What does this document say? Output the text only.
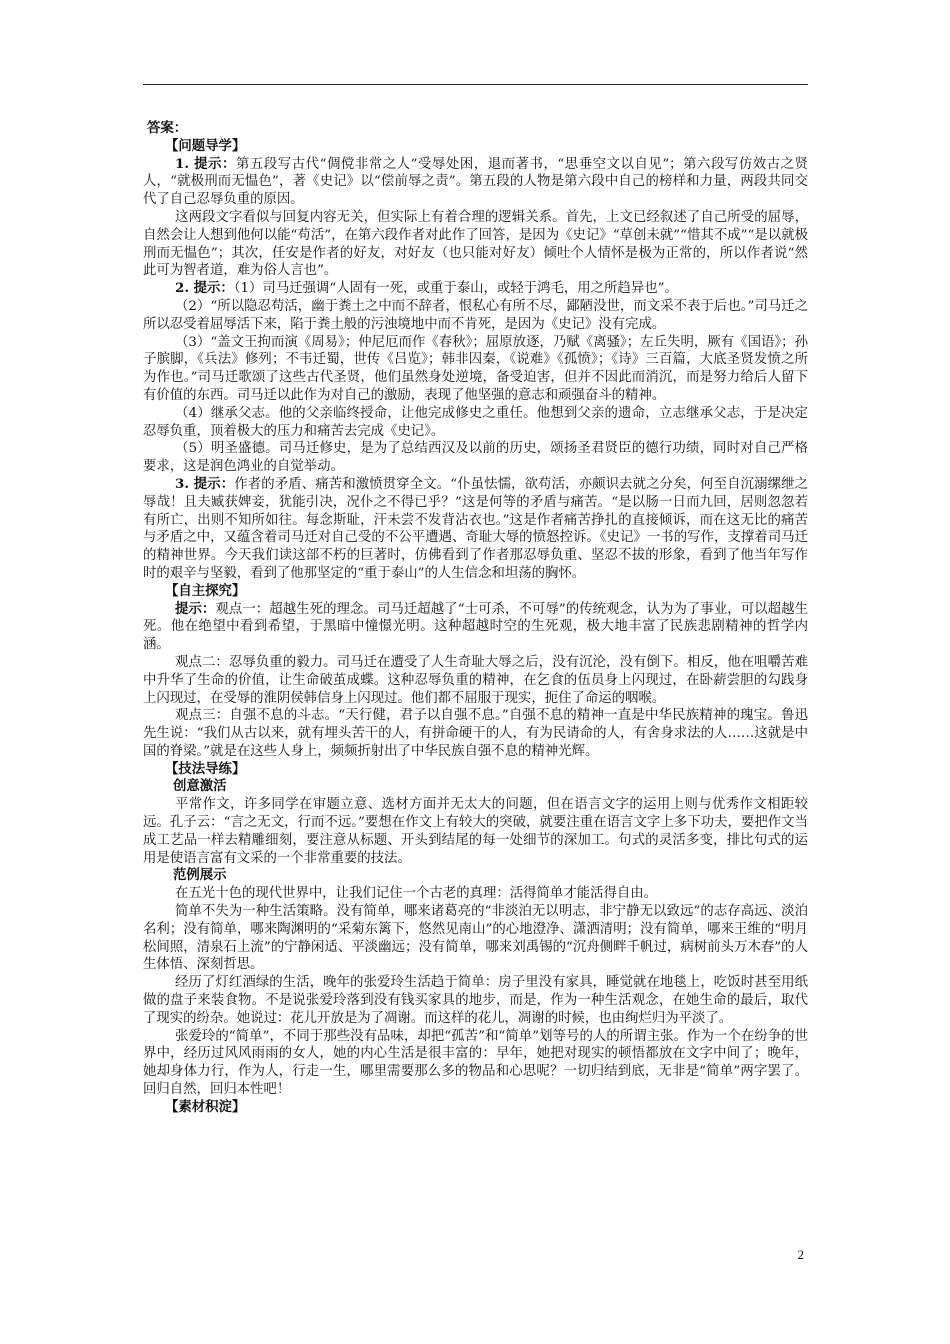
答案：

【问题导学】

1. 提示：第五段写古代“倜傥非常之人”受辱处困，退而著书，“思垂空文以自见”；第六段写仿效古之贤人，“就极刑而无愠色”，著《史记》以“偿前辱之责”。第五段的人物是第六段中自己的榜样和力量，两段共同交代了自己忍辱负重的原因。

这两段文字看似与回复内容无关，但实际上有着合理的逻辑关系。首先，上文已经叙述了自己所受的屈辱，自然会让人想到他何以能“苟活”，在第六段作者对此作了回答，是因为《史记》“草创未就”“惜其不成”“是以就极刑而无愠色”；其次，任安是作者的好友，对好友（也只能对好友）倾吐个人情怀是极为正常的，所以作者说“然此可为智者道，难为俗人言也”。

2. 提示：（1）司马迁强调“人固有一死，或重于泰山，或轻于鸿毛，用之所趋异也”。

（2）“所以隐忍苟活，幽于粪土之中而不辞者，恨私心有所不尽，鄙陋没世，而文采不表于后也。”司马迁之所以忍受着屈辱活下来，陷于粪土般的污浊境地中而不肯死，是因为《史记》没有完成。

（3）“盖文王拘而演《周易》；仲尼厄而作《春秋》；屈原放逐，乃赋《离骚》；左丘失明，厥有《国语》；孙子膑脚，《兵法》修列；不韦迁蜀，世传《吕览》；韩非囚秦，《说难》《孤愤》；《诗》三百篇，大底圣贤发愤之所为作也。”司马迁歌颂了这些古代圣贤，他们虽然身处逆境，备受迫害，但并不因此而消沉，而是努力给后人留下有价值的东西。司马迁以此作为对自己的激励，表现了他坚强的意志和顽强奋斗的精神。

（4）继承父志。他的父亲临终授命，让他完成修史之重任。他想到父亲的遗命，立志继承父志，于是决定忍辱负重，顶着极大的压力和痛苦去完成《史记》。

（5）明圣盛德。司马迁修史，是为了总结西汉及以前的历史，颂扬圣君贤臣的德行功绩，同时对自己严格要求，这是润色鸿业的自觉举动。

3. 提示：作者的矛盾、痛苦和激愤贯穿全文。“仆虽怯懦，欲苟活，亦颇识去就之分矣，何至自沉溺缧绁之辱哉！且夫臧获婢妾，犹能引决，况仆之不得已乎？”这是何等的矛盾与痛苦。“是以肠一日而九回，居则忽忽若有所亡，出则不知所如往。每念斯耻，汗未尝不发背沾衣也。”这是作者痛苦挣扎的直接倾诉，而在这无比的痛苦与矛盾之中，又蕴含着司马迁对自己受的不公平遭遇、奇耻大辱的愤怒控诉。《史记》一书的写作，支撑着司马迁的精神世界。今天我们读这部不朽的巨著时，仿佛看到了作者那忍辱负重、坚忍不拔的形象，看到了他当年写作时的艰辛与坚毅，看到了他那坚定的“重于泰山”的人生信念和坦荡的胸怀。

【自主探究】

提示：观点一：超越生死的理念。司马迁超越了“士可杀，不可辱”的传统观念，认为为了事业，可以超越生死。他在绝望中看到希望，于黑暗中憧憬光明。这种超越时空的生死观，极大地丰富了民族悲剧精神的哲学内涵。

观点二：忍辱负重的毅力。司马迁在遭受了人生奇耻大辱之后，没有沉沦，没有倒下。相反，他在咀嚼苦难中升华了生命的价值，让生命破茧成蝶。这种忍辱负重的精神，在乞食的伍员身上闪现过，在卧薪尝胆的勾践身上闪现过，在受辱的淮阴侯韩信身上闪现过。他们都不屈服于现实，扼住了命运的咽喉。

观点三：自强不息的斗志。“天行健，君子以自强不息。”自强不息的精神一直是中华民族精神的瑰宝。鲁迅先生说：“我们从古以来，就有埋头苦干的人，有拼命硬干的人，有为民请命的人，有舍身求法的人……这就是中国的脊梁。”就是在这些人身上，频频折射出了中华民族自强不息的精神光辉。

【技法导练】

创意激活

平常作文，许多同学在审题立意、选材方面并无太大的问题，但在语言文字的运用上则与优秀作文相距较远。孔子云：“言之无文，行而不远。”要想在作文上有较大的突破，就要注重在语言文字上多下功夫，要把作文当成工艺品一样去精雕细刻，要注意从标题、开头到结尾的每一处细节的深加工。句式的灵活多变，排比句式的运用是使语言富有文采的一个非常重要的技法。

范例展示

在五光十色的现代世界中，让我们记住一个古老的真理：活得简单才能活得自由。

简单不失为一种生活策略。没有简单，哪来诸葛亮的“非淡泊无以明志，非宁静无以致远”的志存高远、淡泊名利；没有简单，哪来陶渊明的“采菊东篱下，悠然见南山”的心地澄净、潇洒清明；没有简单，哪来王维的“明月松间照，清泉石上流”的宁静闲适、平淡幽远；没有简单，哪来刘禹锡的“沉舟侧畔千帆过，病树前头万木春”的人生体悟、深刻哲思。

经历了灯红酒绿的生活，晚年的张爱玲生活趋于简单：房子里没有家具，睡觉就在地毯上，吃饭时甚至用纸做的盘子来装食物。不是说张爱玲落到没有钱买家具的地步，而是，作为一种生活观念，在她生命的最后，取代了现实的纷杂。她说过：花儿开放是为了凋谢。而这样的花儿，凋谢的时候，也由绚烂归为平淡了。

张爱玲的“简单”，不同于那些没有品味，却把“孤苦”和“简单”划等号的人的所谓主张。作为一个在纷争的世界中，经历过风风雨雨的女人，她的内心生活是很丰富的：早年，她把对现实的顿悟都放在文字中间了；晚年，她却身体力行，作为人，行走一生，哪里需要那么多的物品和心思呢？一切归结到底，无非是“简单”两字罢了。回归自然，回归本性吧！

【素材积淀】

2
